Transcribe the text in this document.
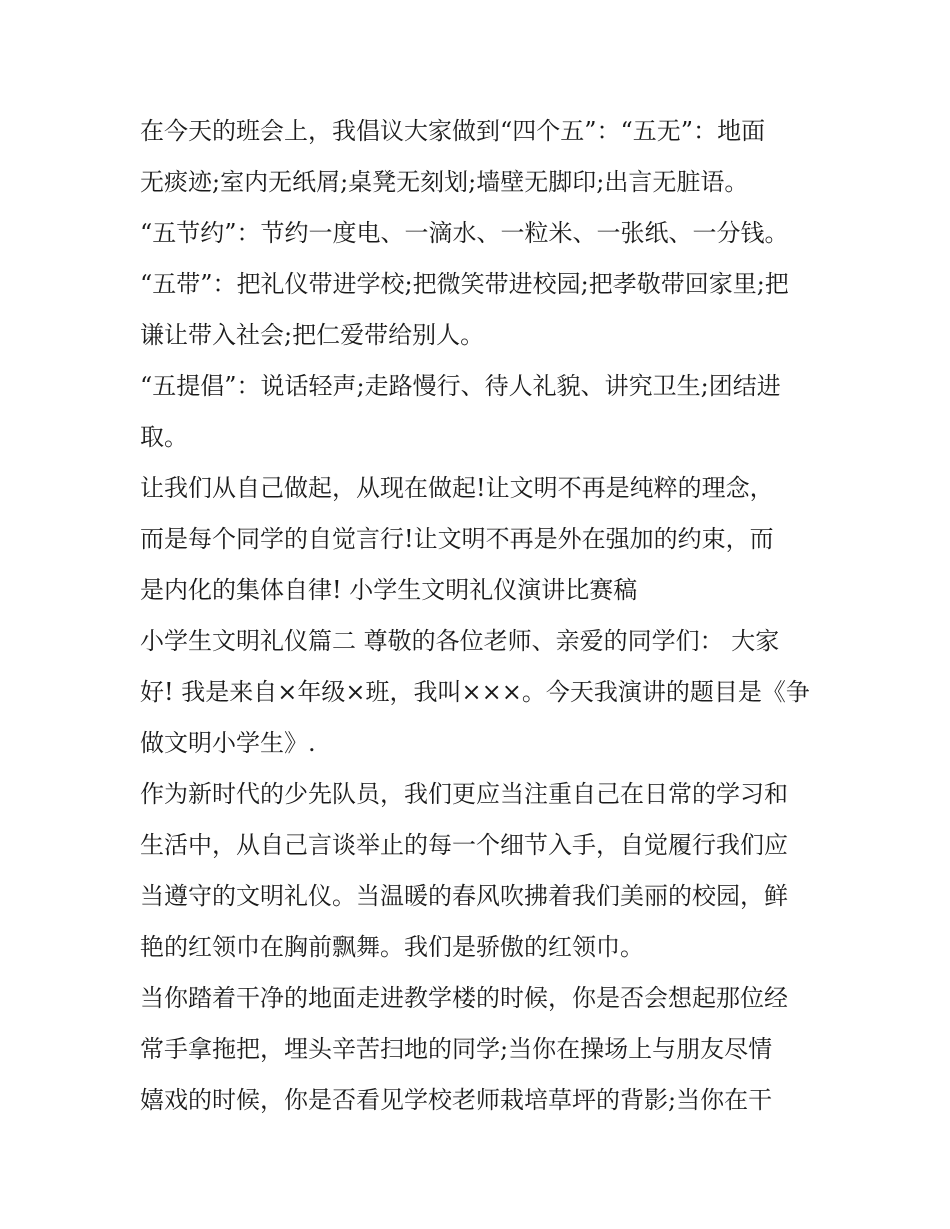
在今天的班会上，我倡议大家做到“四个五”：“五无”：地面
无痰迹;室内无纸屑;桌凳无刻划;墙壁无脚印;出言无脏语。
“五节约”：节约一度电、一滴水、一粒米、一张纸、一分钱。
“五带”：把礼仪带进学校;把微笑带进校园;把孝敬带回家里;把
谦让带入社会;把仁爱带给别人。
“五提倡”：说话轻声;走路慢行、待人礼貌、讲究卫生;团结进
取。
让我们从自己做起，从现在做起!让文明不再是纯粹的理念，
而是每个同学的自觉言行!让文明不再是外在强加的约束，而
是内化的集体自律! 小学生文明礼仪演讲比赛稿
小学生文明礼仪篇二 尊敬的各位老师、亲爱的同学们： 大家
好! 我是来自×年级×班，我叫×××。今天我演讲的题目是《争
做文明小学生》.
作为新时代的少先队员，我们更应当注重自己在日常的学习和
生活中，从自己言谈举止的每一个细节入手，自觉履行我们应
当遵守的文明礼仪。当温暖的春风吹拂着我们美丽的校园，鲜
艳的红领巾在胸前飘舞。我们是骄傲的红领巾。
当你踏着干净的地面走进教学楼的时候，你是否会想起那位经
常手拿拖把，埋头辛苦扫地的同学;当你在操场上与朋友尽情
嬉戏的时候，你是否看见学校老师栽培草坪的背影;当你在干
